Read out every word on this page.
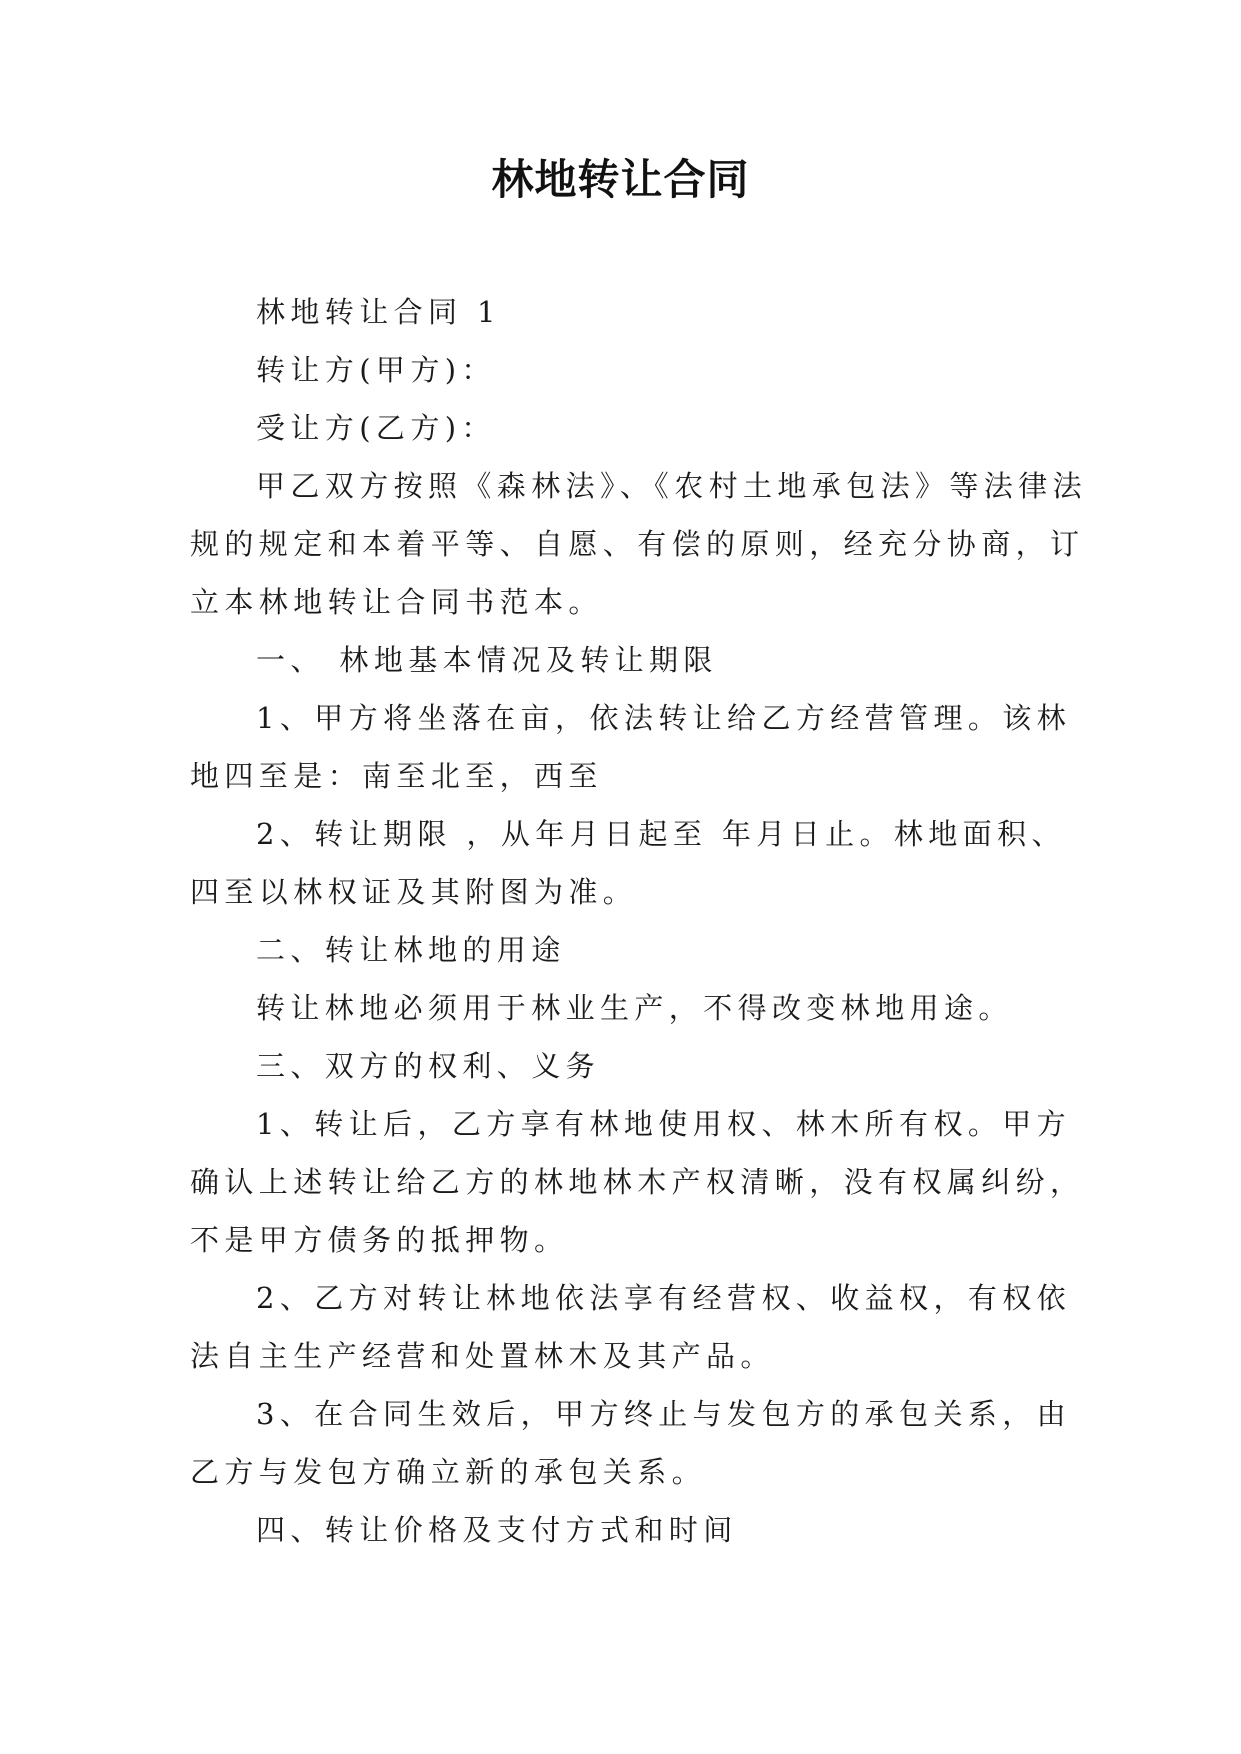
林地转让合同
林地转让合同 1
转让方(甲方)：
受让方(乙方)：
甲乙双方按照《森林法》、《农村土地承包法》等法律法
规的规定和本着平等、自愿、有偿的原则，经充分协商，订
立本林地转让合同书范本。
一、 林地基本情况及转让期限
1、甲方将坐落在亩，依法转让给乙方经营管理。该林
地四至是：南至北至，西至
2、转让期限 ，从年月日起至 年月日止。林地面积、
四至以林权证及其附图为准。
二、转让林地的用途
转让林地必须用于林业生产，不得改变林地用途。
三、双方的权利、义务
1、转让后，乙方享有林地使用权、林木所有权。甲方
确认上述转让给乙方的林地林木产权清晰，没有权属纠纷，
不是甲方债务的抵押物。
2、乙方对转让林地依法享有经营权、收益权，有权依
法自主生产经营和处置林木及其产品。
3、在合同生效后，甲方终止与发包方的承包关系，由
乙方与发包方确立新的承包关系。
四、转让价格及支付方式和时间
